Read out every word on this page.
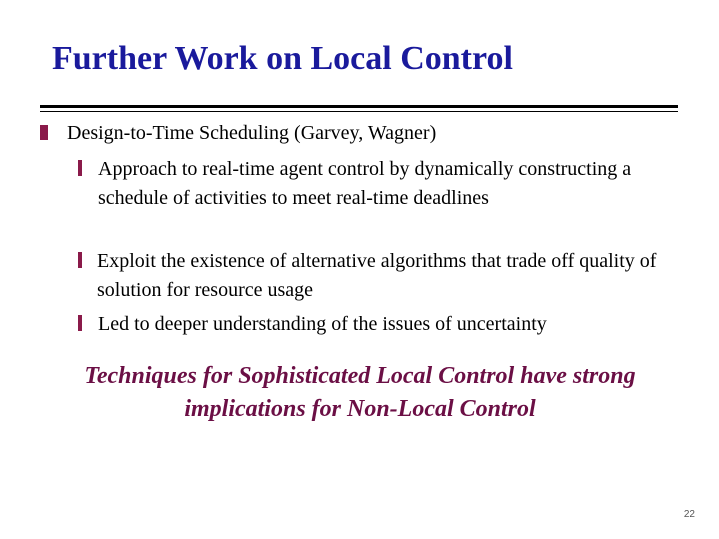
Further Work on Local Control

Design-to-Time Scheduling (Garvey, Wagner)

Approach to real-time agent control by dynamically constructing a schedule of activities to meet real-time deadlines

Exploit the existence of alternative algorithms that trade off quality of solution for resource usage

Led to deeper understanding of the issues of uncertainty

Techniques for Sophisticated Local Control have strong implications for Non-Local Control

22
